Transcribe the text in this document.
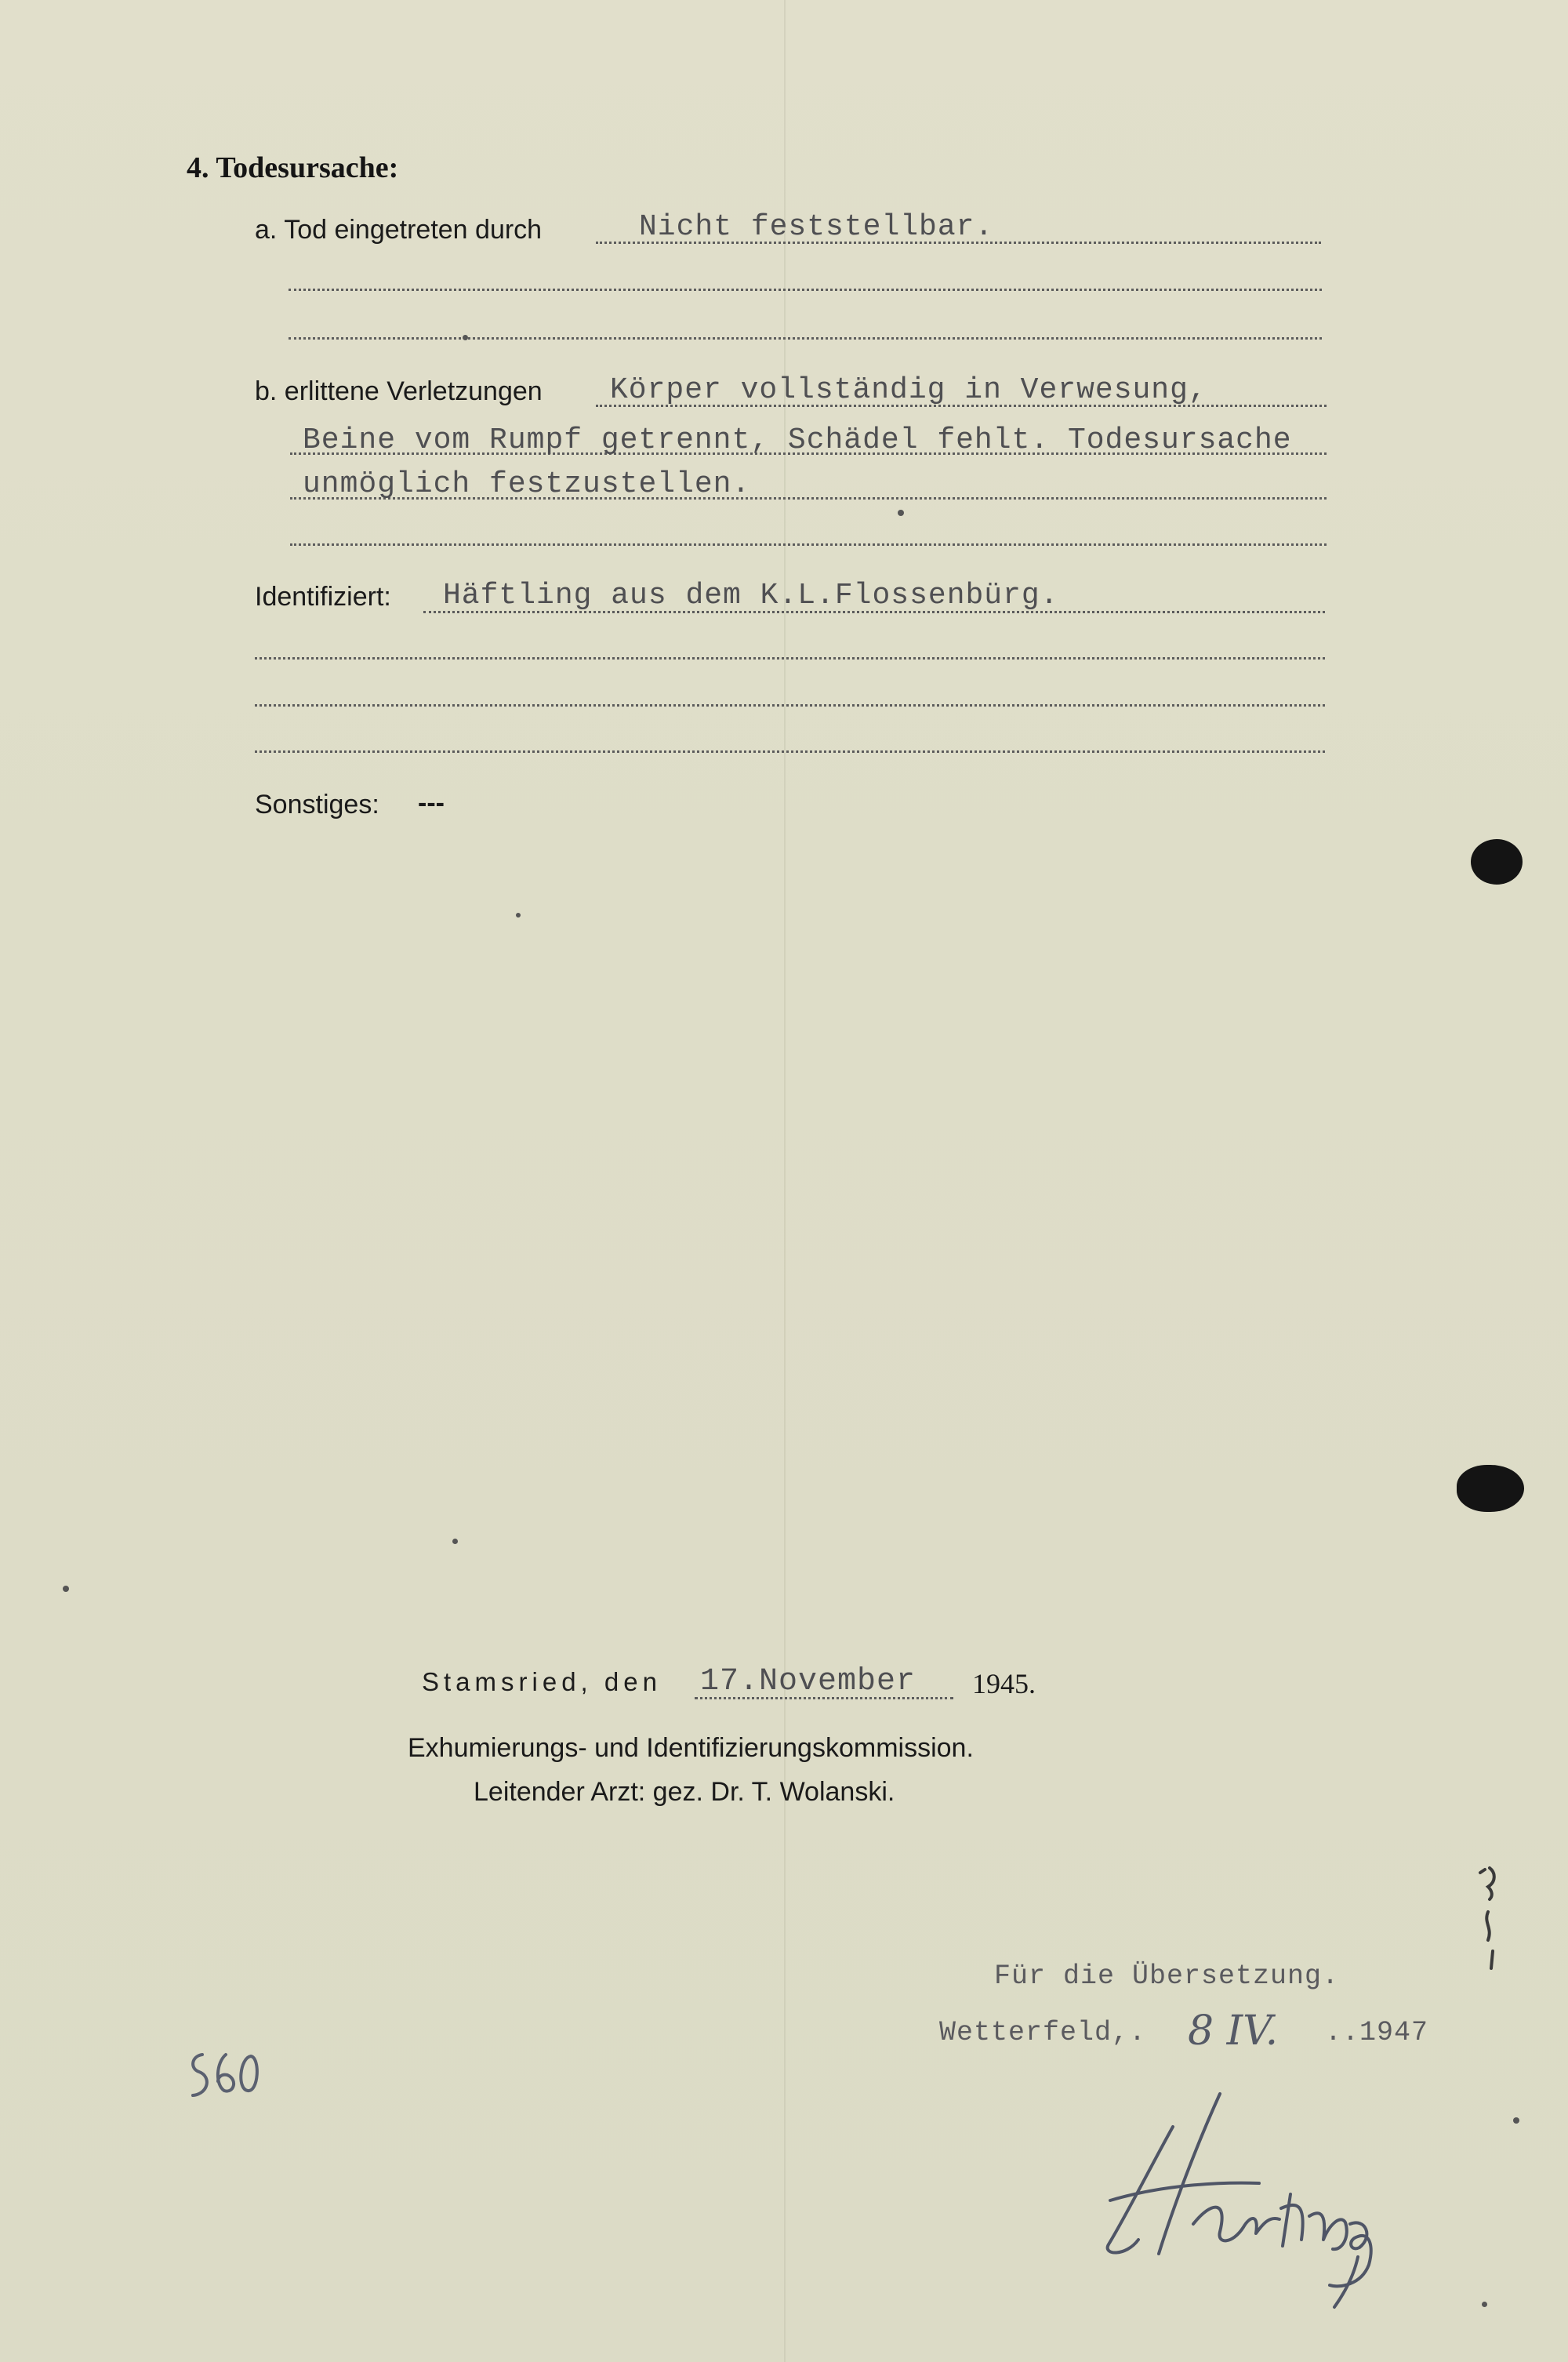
4. Todesursache:
a. Tod eingetreten durch	Nicht feststellbar.
b. erlittene Verletzungen Körper vollständig in Verwesung,
Beine vom Rumpf getrennt, Schädel fehlt. Todesursache
unmöglich festzustellen.
Identifiziert: Häftling aus dem K.L.Flossenbürg.
Sonstiges: ---
Stamsried, den 17.November 1945.
Exhumierungs- und Identifizierungskommission.
Leitender Arzt: gez. Dr. T. Wolanski.
Für die Übersetzung.
Wetterfeld,. 8 IV. ..1947
